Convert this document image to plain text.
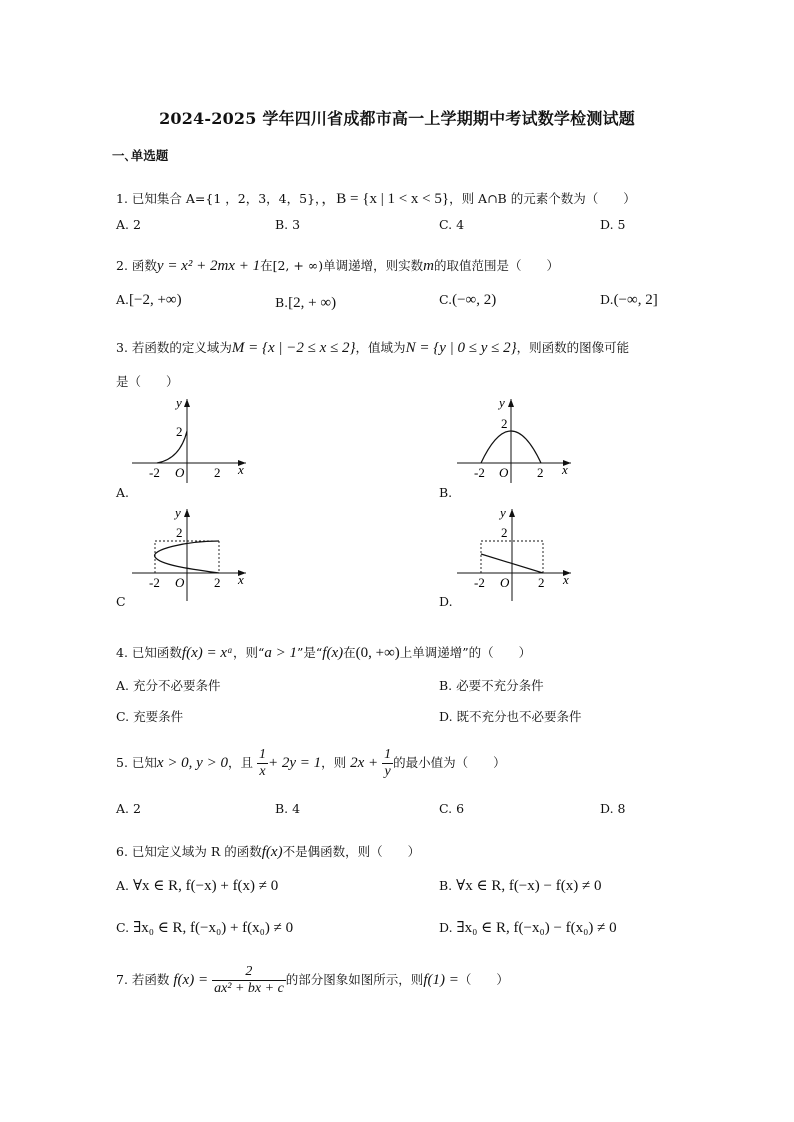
2024-2025 学年四川省成都市高一上学期期中考试数学检测试题
一､单选题
1. 已知集合 A={1 ，2，3，4，5}，，B = {x | 1 < x < 5}，则 A∩B 的元素个数为（　　）
A. 2	B. 3	C. 4	D. 5
2. 函数y = x² + 2mx + 1在[2, + ∞)单调递增，则实数m的取值范围是（　　）
A.[−2, +∞)	B.[2, + ∞)	C.(−∞, 2)	D.(−∞, 2]
3. 若函数的定义域为M = {x | −2 ≤ x ≤ 2}，值域为N = {y | 0 ≤ y ≤ 2}，则函数的图像可能
是（　　）
y
x
2
-2 O 2
A.
y
x
2
-2 O 2
B.
y
x
2
-2 O 2
C
y
x
2
-2 O 2
D.
4. 已知函数f(x) = xᵃ，则“a > 1”是“f(x)在(0, +∞)上单调递增”的（　　）
A. 充分不必要条件	B. 必要不充分条件
C. 充要条件	D. 既不充分也不必要条件
5. 已知x > 0, y > 0，且 $\frac{1}{x} + 2y = 1$，则 $2x + \frac{1}{y}$ 的最小值为（　　）
A. 2	B. 4	C. 6	D. 8
6. 已知定义域为 R 的函数f(x)不是偶函数，则（　　）
A. ∀x ∈ R, f(−x) + f(x) ≠ 0	B. ∀x ∈ R, f(−x) − f(x) ≠ 0
C. ∃x₀ ∈ R, f(−x₀) + f(x₀) ≠ 0	D. ∃x₀ ∈ R, f(−x₀) − f(x₀) ≠ 0
7. 若函数 $f(x) = \frac{2}{\text{ax² + bx + c}}$ 的部分图象如图所示，则f(1) =（　　）
